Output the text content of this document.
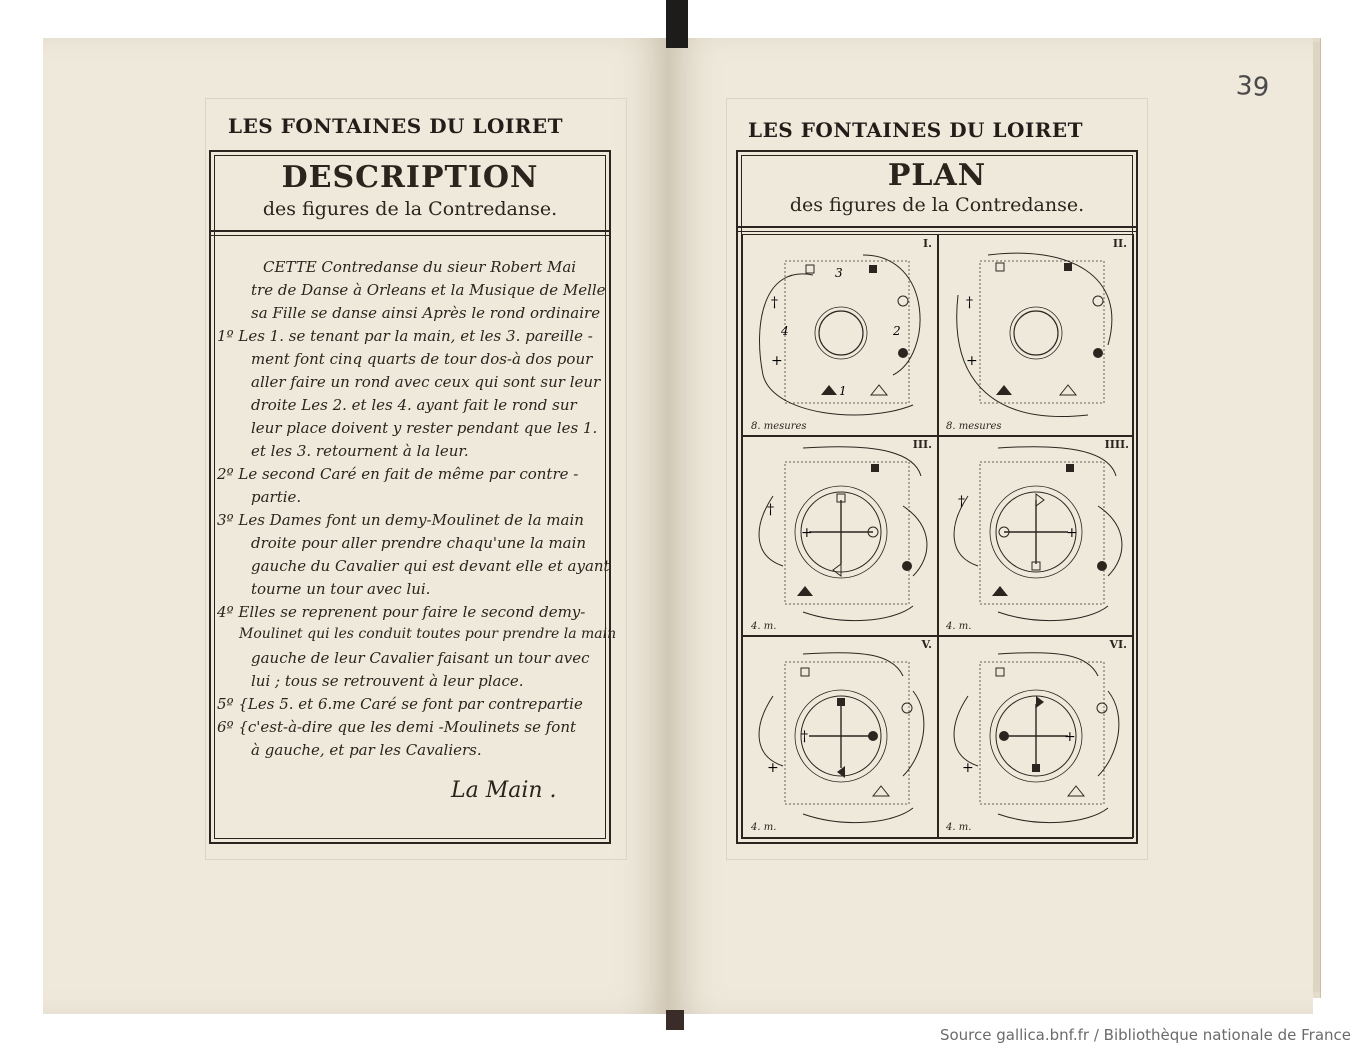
LES FONTAINES DU LOIRET
DESCRIPTION
des figures de la Contredanse.
CETTE Contredanse du sieur Robert Mai
tre de Danse à Orleans et la Musique de Melle
sa Fille se danse ainsi Après le rond ordinaire
1º Les 1. se tenant par la main, et les 3. pareille -
ment font cinq quarts de tour dos-à dos pour
aller faire un rond avec ceux qui sont sur leur
droite Les 2. et les 4. ayant fait le rond sur
leur place doivent y rester pendant que les 1.
et les 3. retournent à la leur.
2º Le second Caré en fait de même par contre -
partie.
3º Les Dames font un demy-Moulinet de la main
droite pour aller prendre chaqu'une la main
gauche du Cavalier qui est devant elle et ayant
tourne un tour avec lui.
4º Elles se reprenent pour faire le second demy-
Moulinet qui les conduit toutes pour prendre la main
gauche de leur Cavalier faisant un tour avec
lui ; tous se retrouvent à leur place.
5º {Les 5. et 6.me Caré se font par contrepartie
6º {c'est-à-dire que les demi -Moulinets se font
à gauche, et par les Cavaliers.
La Main .
39
LES FONTAINES DU LOIRET
PLAN
des figures de la Contredanse.
I.
8. mesures
†
+
3
2
4
1
II.
8. mesures
†
+
III.
4. m.
+
†
IIII.
4. m.
+
†
V.
4. m.
†
+
VI.
4. m.
+
+
Source gallica.bnf.fr / Bibliothèque nationale de France
